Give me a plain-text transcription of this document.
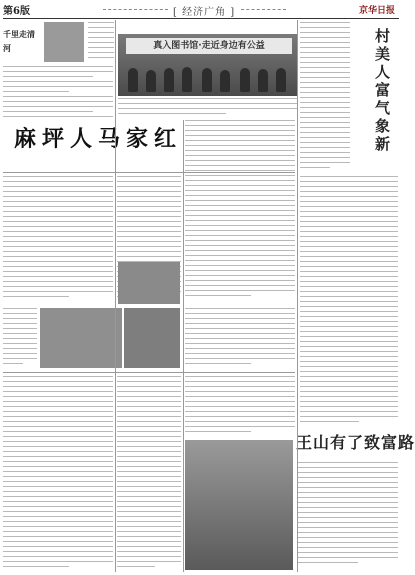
第6版	[ 经济广角 ]	京华日报
千里走清河	真入图书馆·走近身边有公益	村美人富气象新
麻坪人马家红
王山有了致富路
